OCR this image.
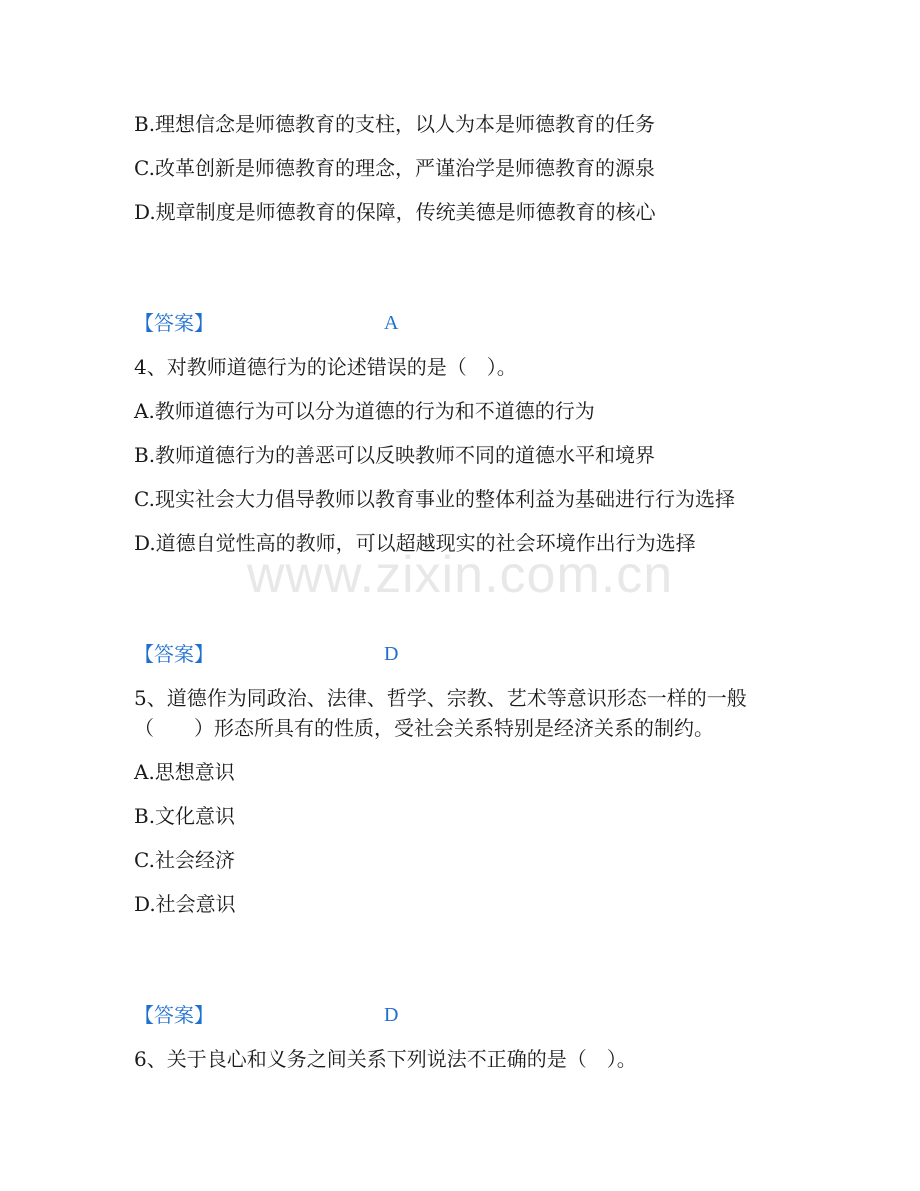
www.zixin.com.cn
B.理想信念是师德教育的支柱，以人为本是师德教育的任务
C.改革创新是师德教育的理念，严谨治学是师德教育的源泉
D.规章制度是师德教育的保障，传统美德是师德教育的核心
【答案】	A
4、对教师道德行为的论述错误的是（　）。
A.教师道德行为可以分为道德的行为和不道德的行为
B.教师道德行为的善恶可以反映教师不同的道德水平和境界
C.现实社会大力倡导教师以教育事业的整体利益为基础进行行为选择
D.道德自觉性高的教师，可以超越现实的社会环境作出行为选择
【答案】	D
5、道德作为同政治、法律、哲学、宗教、艺术等意识形态一样的一般
（　　）形态所具有的性质，受社会关系特别是经济关系的制约。
A.思想意识
B.文化意识
C.社会经济
D.社会意识
【答案】	D
6、关于良心和义务之间关系下列说法不正确的是（　）。
